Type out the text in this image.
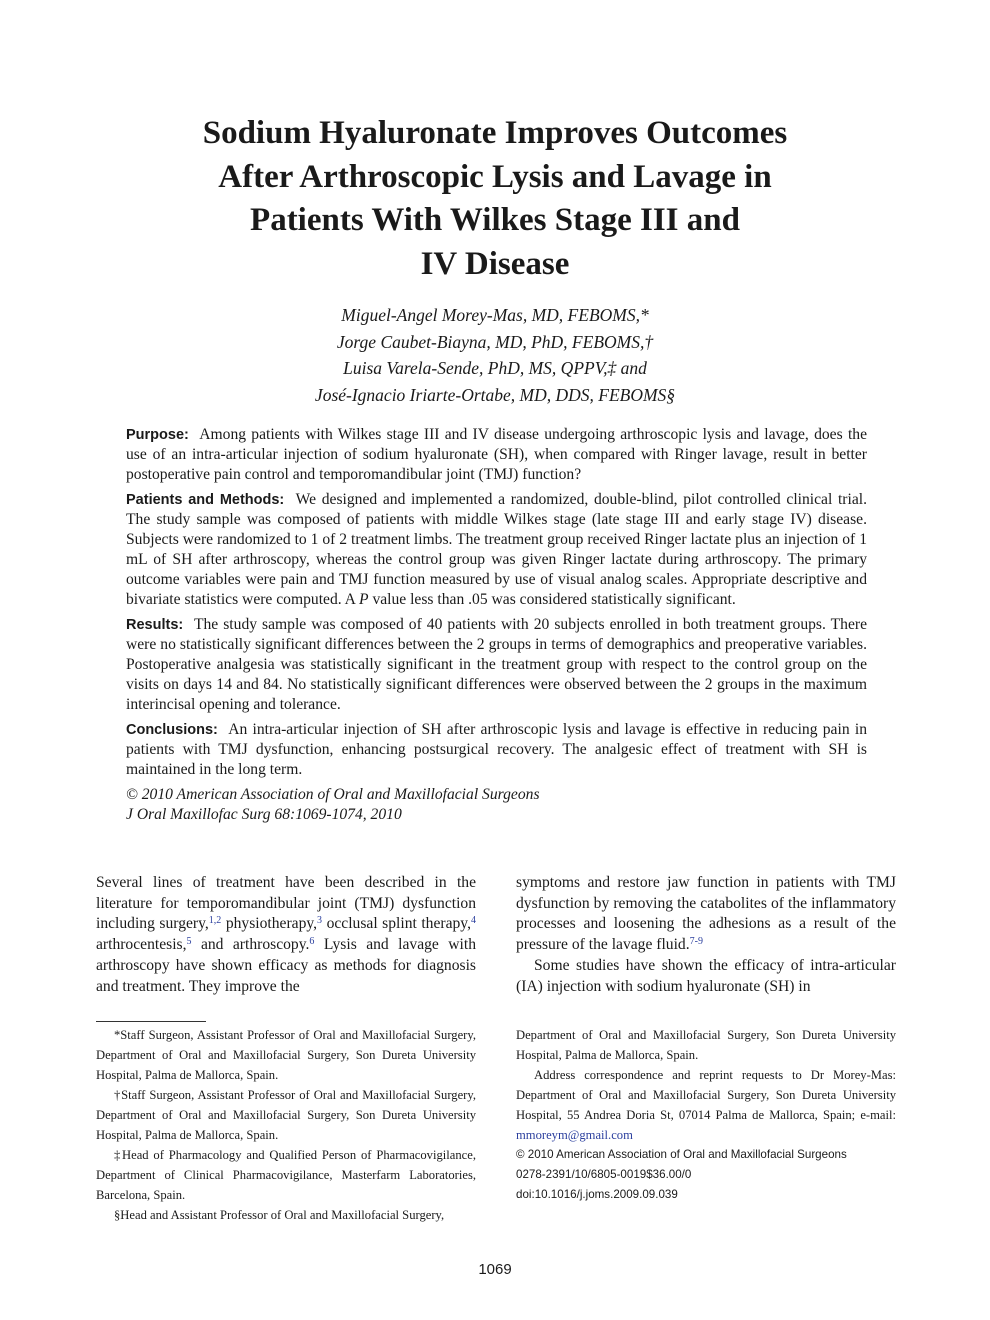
Sodium Hyaluronate Improves Outcomes
After Arthroscopic Lysis and Lavage in
Patients With Wilkes Stage III and
IV Disease
Miguel-Angel Morey-Mas, MD, FEBOMS,*
Jorge Caubet-Biayna, MD, PhD, FEBOMS,†
Luisa Varela-Sende, PhD, MS, QPPV,‡ and
José-Ignacio Iriarte-Ortabe, MD, DDS, FEBOMS§

Purpose: Among patients with Wilkes stage III and IV disease undergoing arthroscopic lysis and lavage, does the use of an intra-articular injection of sodium hyaluronate (SH), when compared with Ringer lavage, result in better postoperative pain control and temporomandibular joint (TMJ) function?

Patients and Methods: We designed and implemented a randomized, double-blind, pilot controlled clinical trial. The study sample was composed of patients with middle Wilkes stage (late stage III and early stage IV) disease. Subjects were randomized to 1 of 2 treatment limbs. The treatment group received Ringer lactate plus an injection of 1 mL of SH after arthroscopy, whereas the control group was given Ringer lactate during arthroscopy. The primary outcome variables were pain and TMJ function measured by use of visual analog scales. Appropriate descriptive and bivariate statistics were computed. A P value less than .05 was considered statistically significant.

Results: The study sample was composed of 40 patients with 20 subjects enrolled in both treatment groups. There were no statistically significant differences between the 2 groups in terms of demographics and preoperative variables. Postoperative analgesia was statistically significant in the treatment group with respect to the control group on the visits on days 14 and 84. No statistically significant differences were observed between the 2 groups in the maximum interincisal opening and tolerance.

Conclusions: An intra-articular injection of SH after arthroscopic lysis and lavage is effective in reducing pain in patients with TMJ dysfunction, enhancing postsurgical recovery. The analgesic effect of treatment with SH is maintained in the long term.

© 2010 American Association of Oral and Maxillofacial Surgeons

J Oral Maxillofac Surg 68:1069-1074, 2010

Several lines of treatment have been described in the literature for temporomandibular joint (TMJ) dysfunction including surgery,$^{1,2}$ physiotherapy,$^3$ occlusal splint therapy,$^4$ arthrocentesis,$^5$ and arthroscopy.$^6$ Lysis and lavage with arthroscopy have shown efficacy as methods for diagnosis and treatment. They improve the

symptoms and restore jaw function in patients with TMJ dysfunction by removing the catabolites of the inflammatory processes and loosening the adhesions as a result of the pressure of the lavage fluid.$^{7-9}$

Some studies have shown the efficacy of intra-articular (IA) injection with sodium hyaluronate (SH) in

*Staff Surgeon, Assistant Professor of Oral and Maxillofacial Surgery, Department of Oral and Maxillofacial Surgery, Son Dureta University Hospital, Palma de Mallorca, Spain.

†Staff Surgeon, Assistant Professor of Oral and Maxillofacial Surgery, Department of Oral and Maxillofacial Surgery, Son Dureta University Hospital, Palma de Mallorca, Spain.

‡Head of Pharmacology and Qualified Person of Pharmacovigilance, Department of Clinical Pharmacovigilance, Masterfarm Laboratories, Barcelona, Spain.

§Head and Assistant Professor of Oral and Maxillofacial Surgery,

Department of Oral and Maxillofacial Surgery, Son Dureta University Hospital, Palma de Mallorca, Spain.

Address correspondence and reprint requests to Dr Morey-Mas: Department of Oral and Maxillofacial Surgery, Son Dureta University Hospital, 55 Andrea Doria St, 07014 Palma de Mallorca, Spain; e-mail: mmoreym@gmail.com

© 2010 American Association of Oral and Maxillofacial Surgeons

0278-2391/10/6805-0019$36.00/0

doi:10.1016/j.joms.2009.09.039

1069
